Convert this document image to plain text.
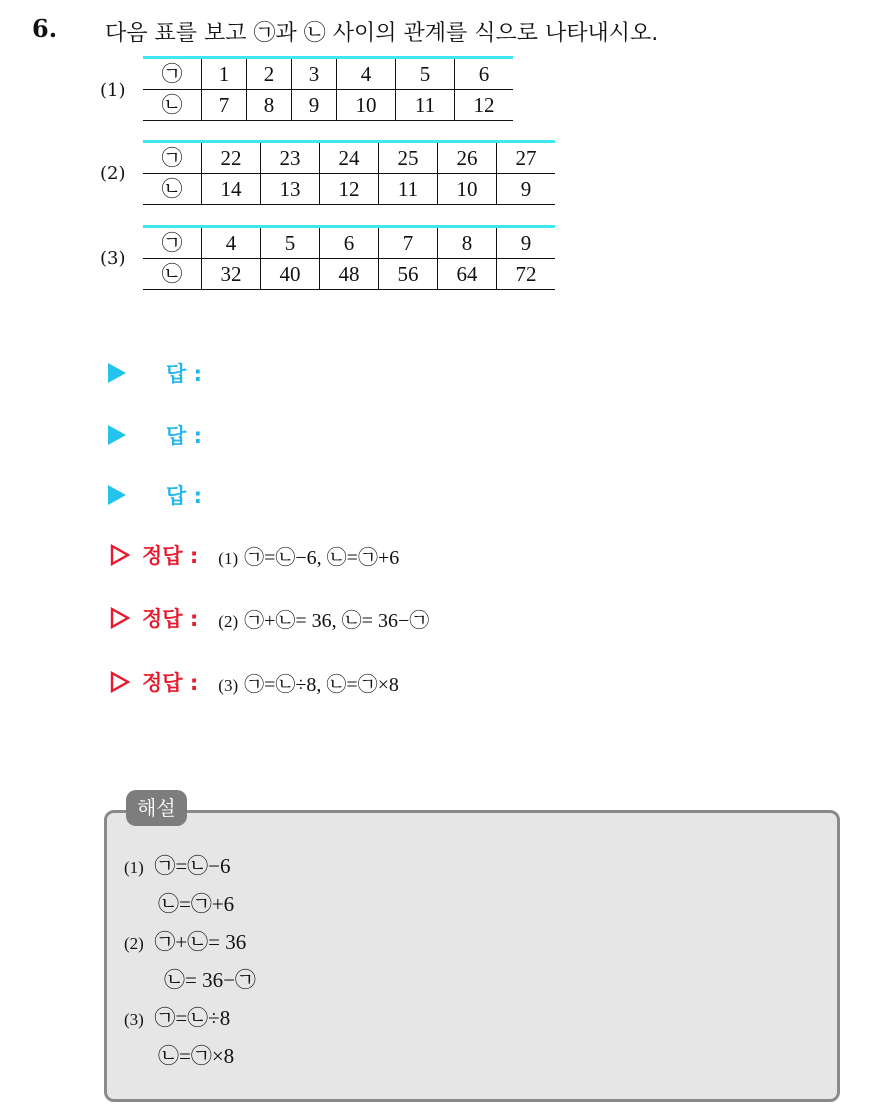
6. 다음 표를 보고 ㉠과 ㉡ 사이의 관계를 식으로 나타내시오.
(1)
㉠	1	2	3	4	5	6
㉡	7	8	9	10	11	12
(2)
㉠	22	23	24	25	26	27
㉡	14	13	12	11	10	9
(3)
㉠	4	5	6	7	8	9
㉡	32	40	48	56	64	72
답 :
답 :
답 :
정답 : (1) ㉠=㉡−6, ㉡=㉠+6
정답 : (2) ㉠+㉡= 36, ㉡= 36−㉠
정답 : (3) ㉠=㉡÷8, ㉡=㉠×8
해설
(1) ㉠=㉡−6
㉡=㉠+6
(2) ㉠+㉡= 36
㉡= 36−㉠
(3) ㉠=㉡÷8
㉡=㉠×8
